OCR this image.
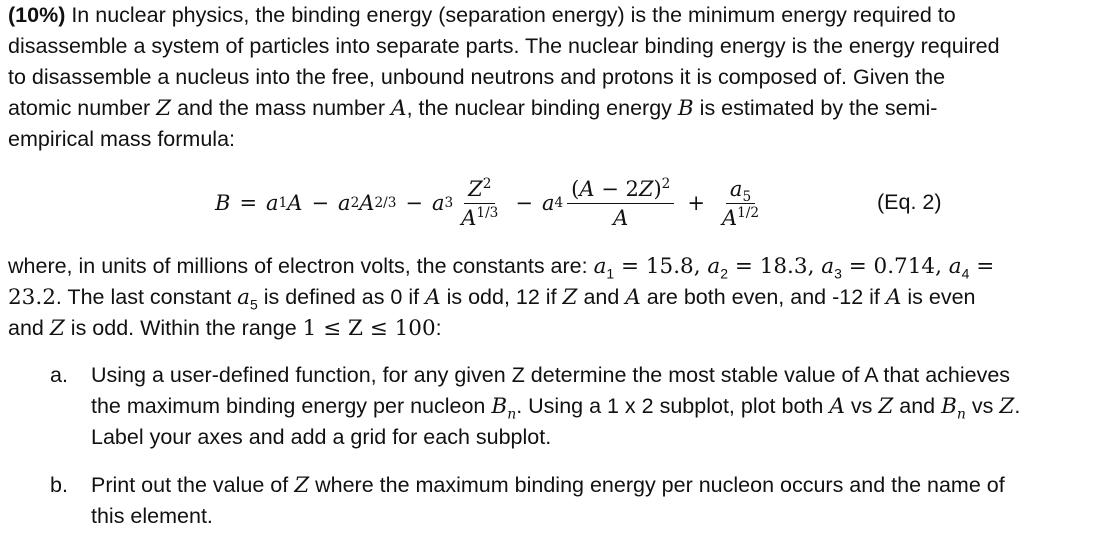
(10%) In nuclear physics, the binding energy (separation energy) is the minimum energy required to disassemble a system of particles into separate parts. The nuclear binding energy is the energy required to disassemble a nucleus into the free, unbound neutrons and protons it is composed of. Given the atomic number Z and the mass number A, the nuclear binding energy B is estimated by the semi-empirical mass formula:

B = a 1 A − a 2 A 2/3 − a $3 \frac{Z^2}{A^{1/3}} - a$ $4 \frac{(A - 2Z)^2}{A} + \frac{a_5}{A^{1/2}}$	(Eq. 2)

where, in units of millions of electron volts, the constants are: $a_1 = 15.8$, $a_2 = 18.3$, $a_3 = 0.714$, $a_4 = 23.2$. The last constant $a_5$ is defined as 0 if A is odd, 12 if Z and A are both even, and -12 if A is even and Z is odd. Within the range 1 ≤ Z ≤ 100:

a. Using a user-defined function, for any given Z determine the most stable value of A that achieves the maximum binding energy per nucleon $B_n$. Using a 1 x 2 subplot, plot both A vs Z and $B_n$ vs Z. Label your axes and add a grid for each subplot.

b. Print out the value of Z where the maximum binding energy per nucleon occurs and the name of this element.
